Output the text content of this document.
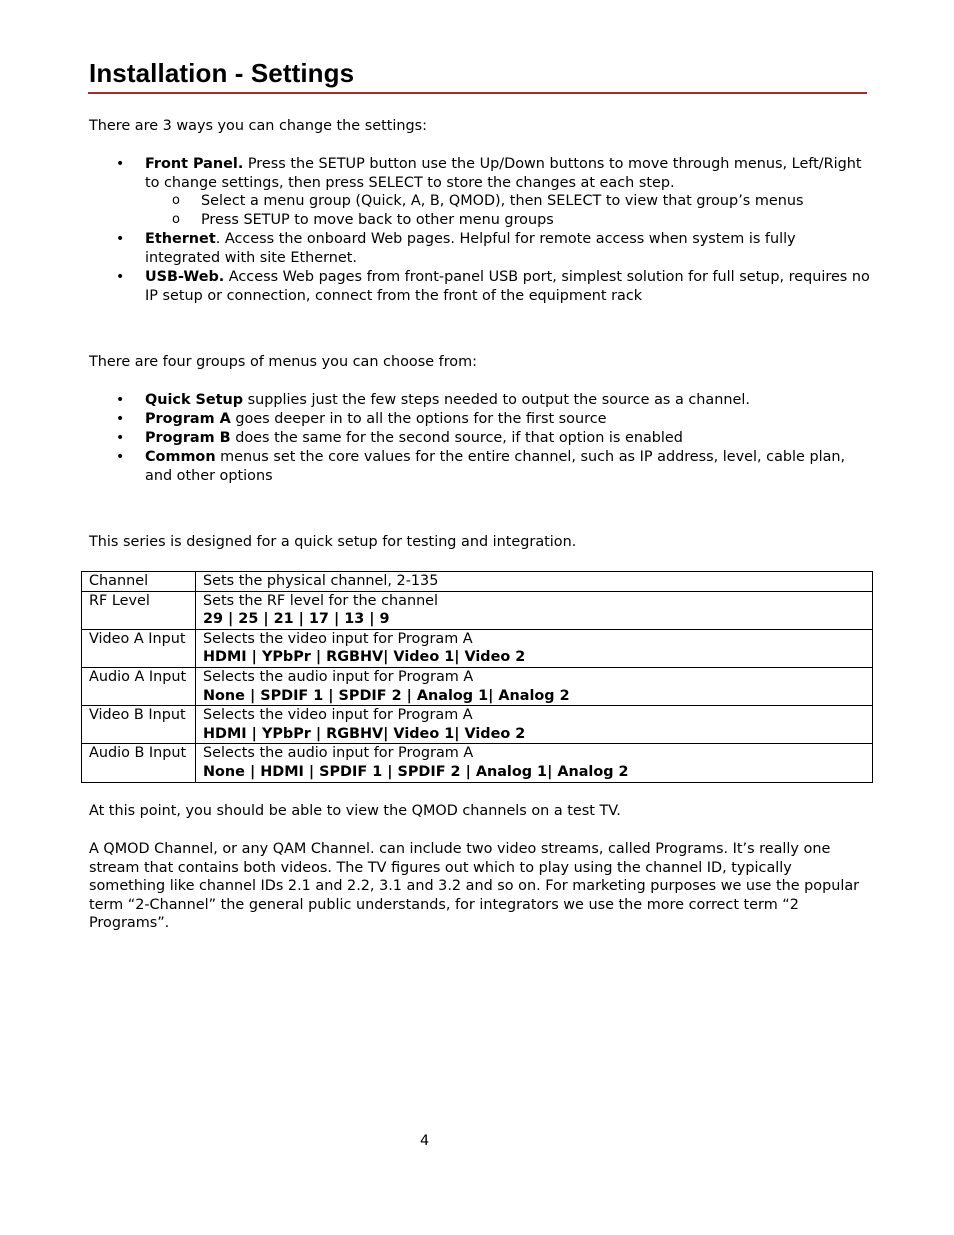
Installation - Settings
There are 3 ways you can change the settings:
• Front Panel. Press the SETUP button use the Up/Down buttons to move through menus, Left/Right to change settings, then press SELECT to store the changes at each step.
o Select a menu group (Quick, A, B, QMOD), then SELECT to view that group’s menus
o Press SETUP to move back to other menu groups
• Ethernet. Access the onboard Web pages. Helpful for remote access when system is fully integrated with site Ethernet.
• USB-Web. Access Web pages from front-panel USB port, simplest solution for full setup, requires no IP setup or connection, connect from the front of the equipment rack
There are four groups of menus you can choose from:
• Quick Setup supplies just the few steps needed to output the source as a channel.
• Program A goes deeper in to all the options for the first source
• Program B does the same for the second source, if that option is enabled
• Common menus set the core values for the entire channel, such as IP address, level, cable plan, and other options
This series is designed for a quick setup for testing and integration.
Channel	Sets the physical channel, 2-135

RF Level	Sets the RF level for the channel
29 | 25 | 21 | 17 | 13 | 9

Video A Input	Selects the video input for Program A
HDMI | YPbPr | RGBHV| Video 1| Video 2

Audio A Input	Selects the audio input for Program A
None | SPDIF 1 | SPDIF 2 | Analog 1| Analog 2

Video B Input	Selects the video input for Program A
HDMI | YPbPr | RGBHV| Video 1| Video 2

Audio B Input	Selects the audio input for Program A
None | HDMI | SPDIF 1 | SPDIF 2 | Analog 1| Analog 2
At this point, you should be able to view the QMOD channels on a test TV.
A QMOD Channel, or any QAM Channel. can include two video streams, called Programs. It’s really one stream that contains both videos. The TV figures out which to play using the channel ID, typically something like channel IDs 2.1 and 2.2, 3.1 and 3.2 and so on. For marketing purposes we use the popular term “2-Channel” the general public understands, for integrators we use the more correct term “2 Programs”.
4
